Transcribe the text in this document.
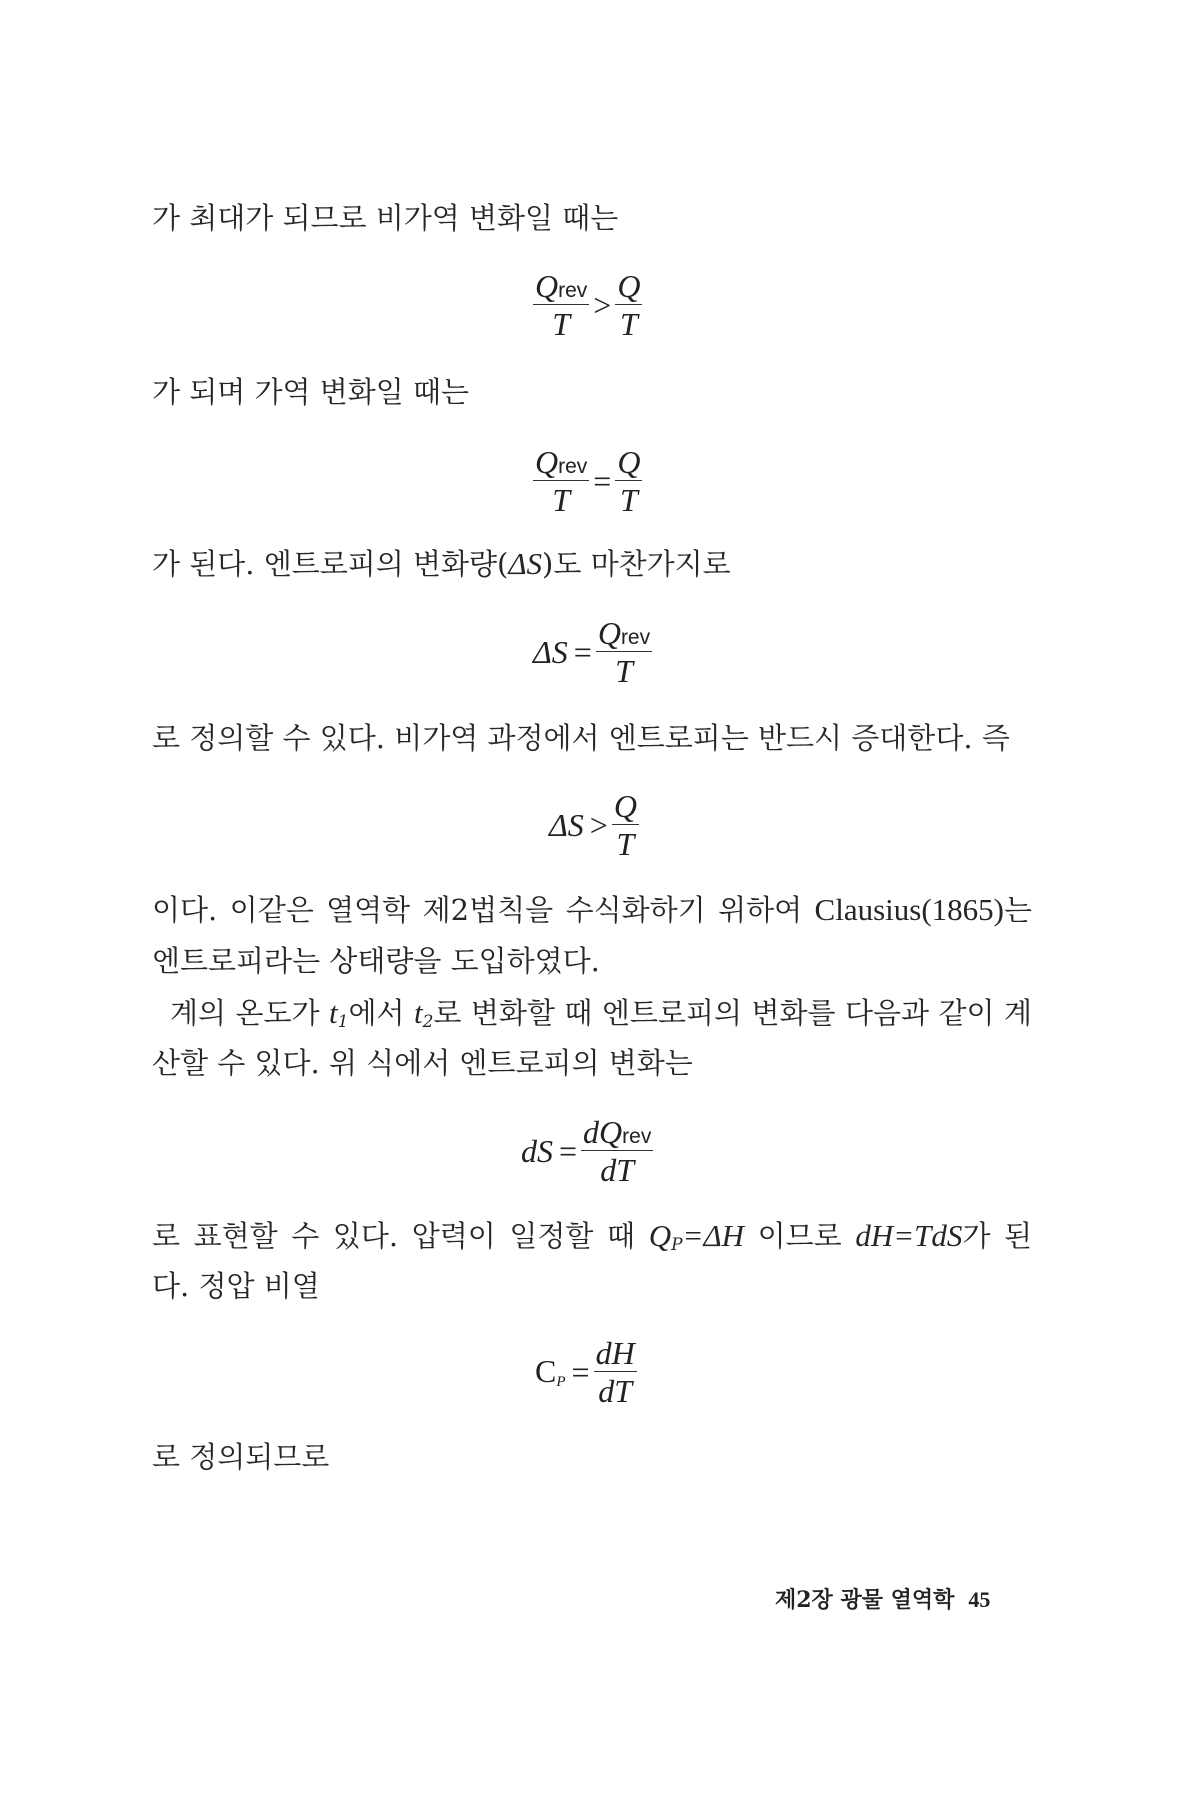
가 최대가 되므로 비가역 변화일 때는
$\frac{\text{Qrev}}{T} > \frac{Q}{T}$
가 되며 가역 변화일 때는
$\frac{\text{Qrev}}{T} = \frac{Q}{T}$
가 된다. 엔트로피의 변화량(ΔS)도 마찬가지로
$\Delta S = \frac{\text{Qrev}}{T}$
로 정의할 수 있다. 비가역 과정에서 엔트로피는 반드시 증대한다. 즉
$\Delta S > \frac{Q}{T}$
이다. 이같은 열역학 제2법칙을 수식화하기 위하여 Clausius(1865)는
엔트로피라는 상태량을 도입하였다.
계의 온도가 $t_1$에서 $t_2$로 변화할 때 엔트로피의 변화를 다음과 같이 계
산할 수 있다. 위 식에서 엔트로피의 변화는
dS = $\frac{\text{dQrev}}{dT}$
로 표현할 수 있다. 압력이 일정할 때 $Q_P=\Delta H$ 이므로 dH=TdS가 된
다. 정압 비열
$C_P = \frac{dH}{dT}$
로 정의되므로
제2장 광물 열역학 45
